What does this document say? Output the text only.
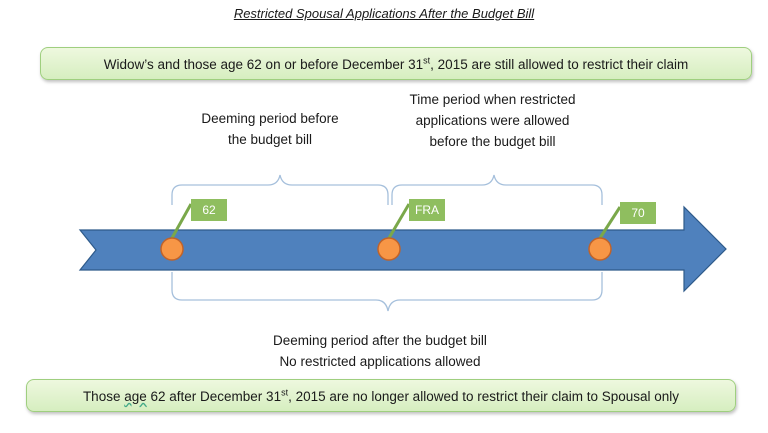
Restricted Spousal Applications After the Budget Bill
Widow’s and those age 62 on or before December 31st, 2015 are still allowed to restrict their claim
62	FRA	70
Deeming period before
the budget bill
Time period when restricted
applications were allowed
before the budget bill
Deeming period after the budget bill
No restricted applications allowed
Those age 62 after December 31st, 2015 are no longer allowed to restrict their claim to Spousal only
